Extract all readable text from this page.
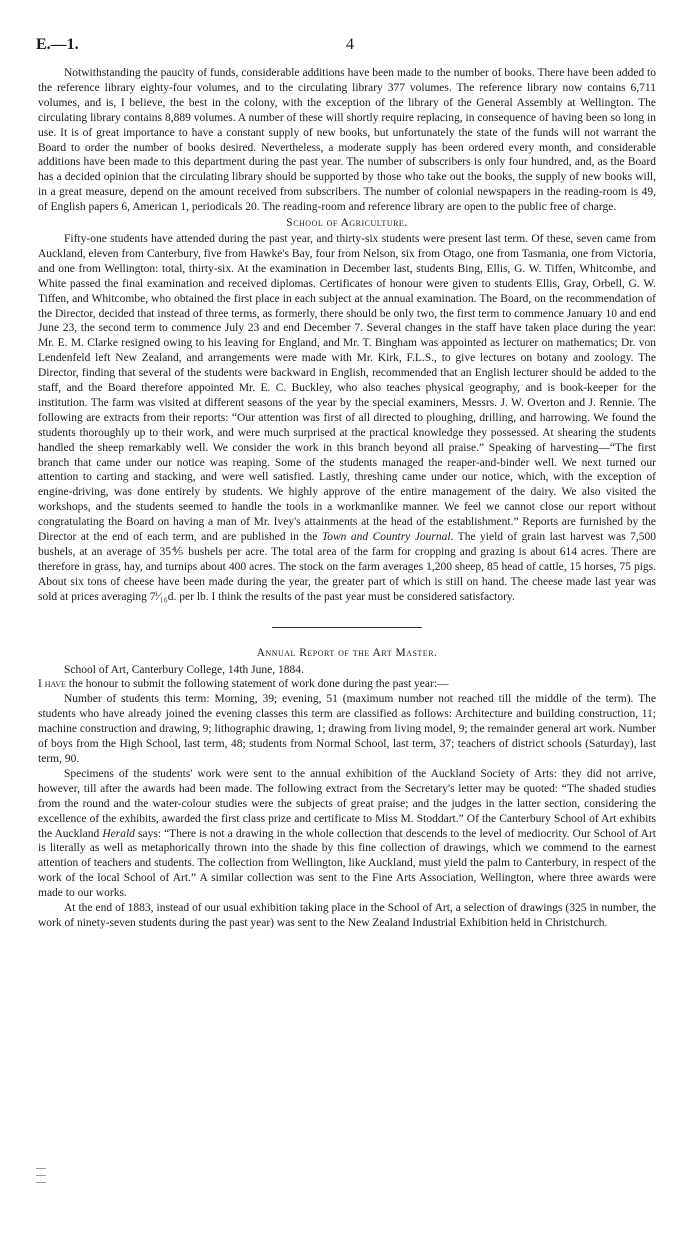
E.—1.	4

Notwithstanding the paucity of funds, considerable additions have been made to the number of books. There have been added to the reference library eighty-four volumes, and to the circulating library 377 volumes. The reference library now contains 6,711 volumes, and is, I believe, the best in the colony, with the exception of the library of the General Assembly at Wellington. The circulating library contains 8,889 volumes. A number of these will shortly require replacing, in consequence of having been so long in use. It is of great importance to have a constant supply of new books, but unfortunately the state of the funds will not warrant the Board to order the number of books desired. Nevertheless, a moderate supply has been ordered every month, and considerable additions have been made to this department during the past year. The number of subscribers is only four hundred, and, as the Board has a decided opinion that the circulating library should be supported by those who take out the books, the supply of new books will, in a great measure, depend on the amount received from subscribers. The number of colonial newspapers in the reading-room is 49, of English papers 6, American 1, periodicals 20. The reading-room and reference library are open to the public free of charge.

School of Agriculture.

Fifty-one students have attended during the past year, and thirty-six students were present last term. Of these, seven came from Auckland, eleven from Canterbury, five from Hawke's Bay, four from Nelson, six from Otago, one from Tasmania, one from Victoria, and one from Wellington: total, thirty-six. At the examination in December last, students Bing, Ellis, G. W. Tiffen, Whitcombe, and White passed the final examination and received diplomas. Certificates of honour were given to students Ellis, Gray, Orbell, G. W. Tiffen, and Whitcombe, who obtained the first place in each subject at the annual examination. The Board, on the recommendation of the Director, decided that instead of three terms, as formerly, there should be only two, the first term to commence January 10 and end June 23, the second term to commence July 23 and end December 7. Several changes in the staff have taken place during the year: Mr. E. M. Clarke resigned owing to his leaving for England, and Mr. T. Bingham was appointed as lecturer on mathematics; Dr. von Lendenfeld left New Zealand, and arrangements were made with Mr. Kirk, F.L.S., to give lectures on botany and zoology. The Director, finding that several of the students were backward in English, recommended that an English lecturer should be added to the staff, and the Board therefore appointed Mr. E. C. Buckley, who also teaches physical geography, and is book-keeper for the institution. The farm was visited at different seasons of the year by the special examiners, Messrs. J. W. Overton and J. Rennie. The following are extracts from their reports: “Our attention was first of all directed to ploughing, drilling, and harrowing. We found the students thoroughly up to their work, and were much surprised at the practical knowledge they possessed. At shearing the students handled the sheep remarkably well. We consider the work in this branch beyond all praise.” Speaking of harvesting—“The first branch that came under our notice was reaping. Some of the students managed the reaper-and-binder well. We next turned our attention to carting and stacking, and were well satisfied. Lastly, threshing came under our notice, which, with the exception of engine-driving, was done entirely by students. We highly approve of the entire management of the dairy. We also visited the workshops, and the students seemed to handle the tools in a workmanlike manner. We feel we cannot close our report without congratulating the Board on having a man of Mr. Ivey's attainments at the head of the establishment.” Reports are furnished by the Director at the end of each term, and are published in the Town and Country Journal. The yield of grain last harvest was 7,500 bushels, at an average of 35⅘ bushels per acre. The total area of the farm for cropping and grazing is about 614 acres. There are therefore in grass, hay, and turnips about 400 acres. The stock on the farm averages 1,200 sheep, 85 head of cattle, 15 horses, 75 pigs. About six tons of cheese have been made during the year, the greater part of which is still on hand. The cheese made last year was sold at prices averaging 7ⁱ⁄₁₆d. per lb. I think the results of the past year must be considered satisfactory.

Annual Report of the Art Master.

School of Art, Canterbury College, 14th June, 1884.

I have the honour to submit the following statement of work done during the past year:—

Number of students this term: Morning, 39; evening, 51 (maximum number not reached till the middle of the term). The students who have already joined the evening classes this term are classified as follows: Architecture and building construction, 11; machine construction and drawing, 9; lithographic drawing, 1; drawing from living model, 9; the remainder general art work. Number of boys from the High School, last term, 48; students from Normal School, last term, 37; teachers of district schools (Saturday), last term, 90.

Specimens of the students' work were sent to the annual exhibition of the Auckland Society of Arts: they did not arrive, however, till after the awards had been made. The following extract from the Secretary's letter may be quoted: “The shaded studies from the round and the water-colour studies were the subjects of great praise; and the judges in the latter section, considering the excellence of the exhibits, awarded the first class prize and certificate to Miss M. Stoddart.” Of the Canterbury School of Art exhibits the Auckland Herald says: “There is not a drawing in the whole collection that descends to the level of mediocrity. Our School of Art is literally as well as metaphorically thrown into the shade by this fine collection of drawings, which we commend to the earnest attention of teachers and students. The collection from Wellington, like Auckland, must yield the palm to Canterbury, in respect of the work of the local School of Art.” A similar collection was sent to the Fine Arts Association, Wellington, where three awards were made to our works.

At the end of 1883, instead of our usual exhibition taking place in the School of Art, a selection of drawings (325 in number, the work of ninety-seven students during the past year) was sent to the New Zealand Industrial Exhibition held in Christchurch.
